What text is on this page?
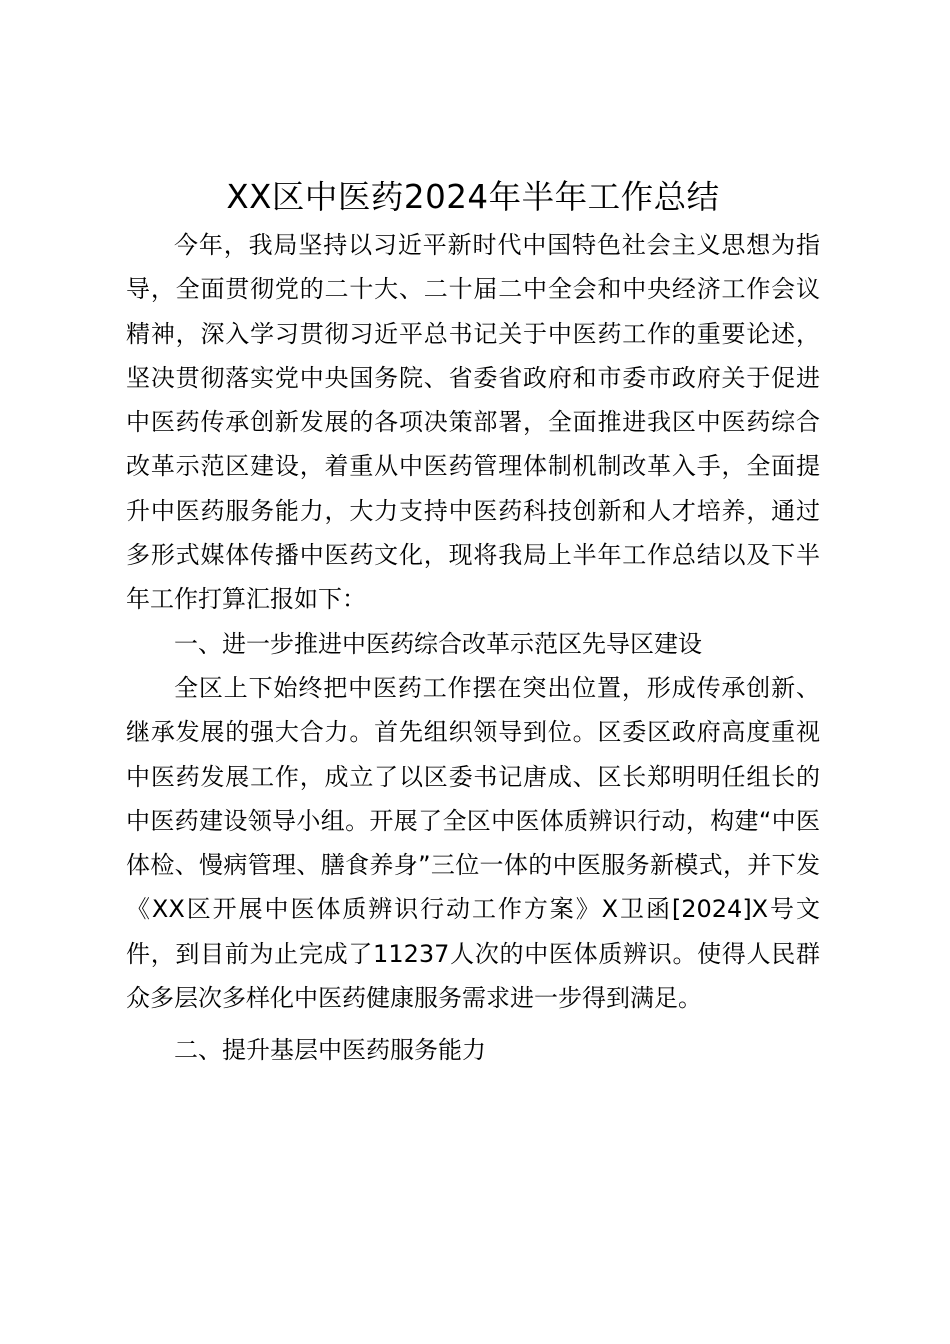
XX区中医药2024年半年工作总结

今年，我局坚持以习近平新时代中国特色社会主义思想为指导，全面贯彻党的二十大、二十届二中全会和中央经济工作会议精神，深入学习贯彻习近平总书记关于中医药工作的重要论述，坚决贯彻落实党中央国务院、省委省政府和市委市政府关于促进中医药传承创新发展的各项决策部署，全面推进我区中医药综合改革示范区建设，着重从中医药管理体制机制改革入手，全面提升中医药服务能力，大力支持中医药科技创新和人才培养，通过多形式媒体传播中医药文化，现将我局上半年工作总结以及下半年工作打算汇报如下：

一、进一步推进中医药综合改革示范区先导区建设

全区上下始终把中医药工作摆在突出位置，形成传承创新、继承发展的强大合力。首先组织领导到位。区委区政府高度重视中医药发展工作，成立了以区委书记唐成、区长郑明明任组长的中医药建设领导小组。开展了全区中医体质辨识行动，构建“中医体检、慢病管理、膳食养身”三位一体的中医服务新模式，并下发《XX区开展中医体质辨识行动工作方案》X卫函[2024]X号文件，到目前为止完成了11237人次的中医体质辨识。使得人民群众多层次多样化中医药健康服务需求进一步得到满足。

二、提升基层中医药服务能力
